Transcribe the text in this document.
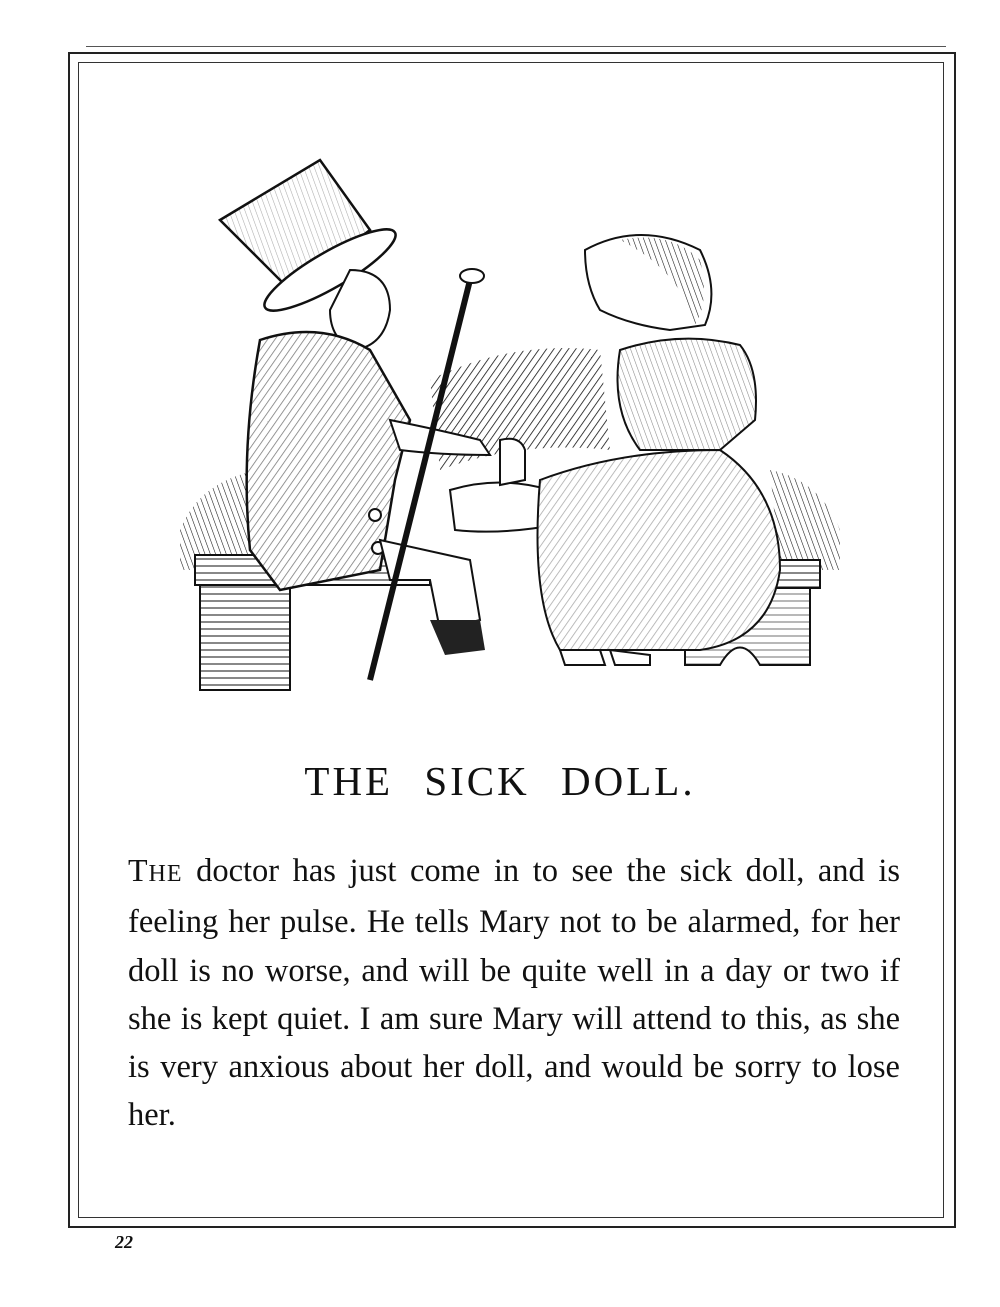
THE SICK DOLL.

THE doctor has just come in to see the sick doll, and is feeling her pulse. He tells Mary not to be alarmed, for her doll is no worse, and will be quite well in a day or two if she is kept quiet. I am sure Mary will attend to this, as she is very anxious about her doll, and would be sorry to lose her.

22
